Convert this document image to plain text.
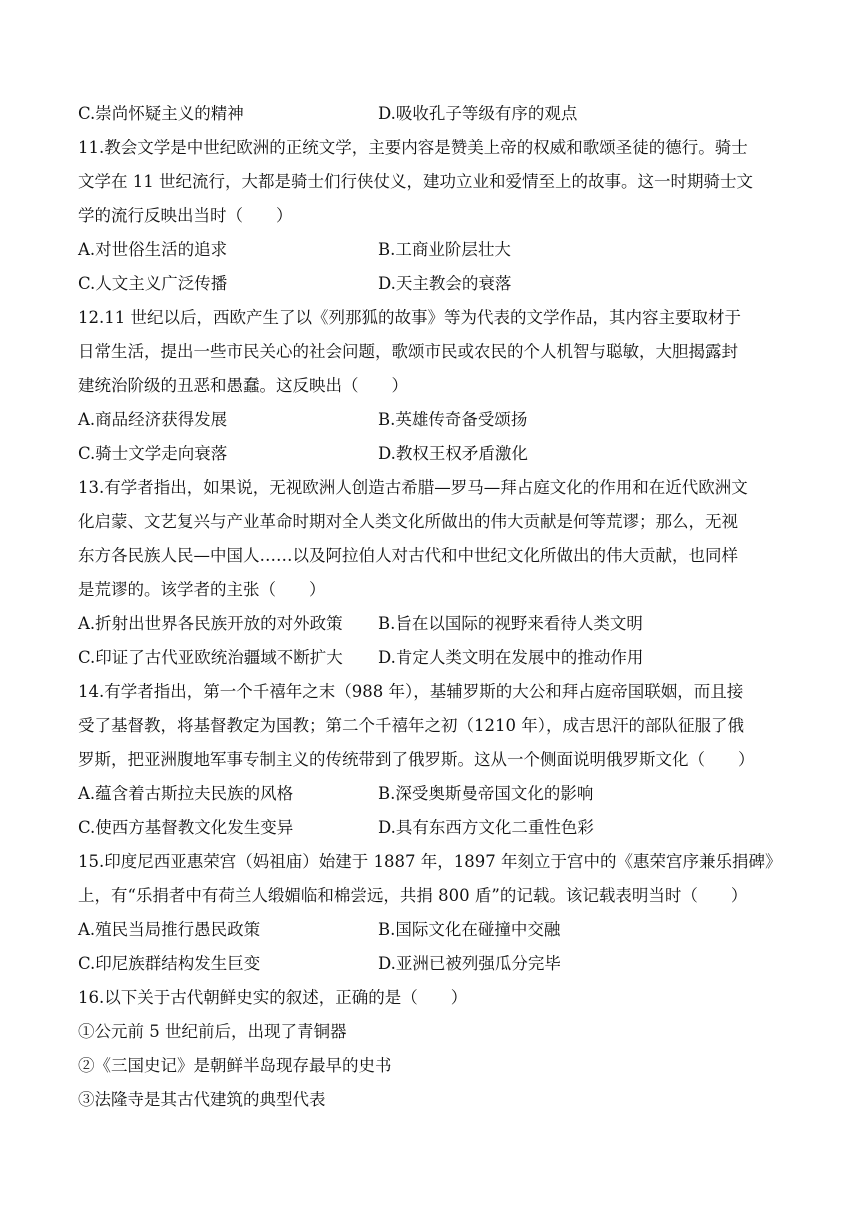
C.崇尚怀疑主义的精神	D.吸收孔子等级有序的观点
11.教会文学是中世纪欧洲的正统文学，主要内容是赞美上帝的权威和歌颂圣徒的德行。骑士
文学在 11 世纪流行，大都是骑士们行侠仗义，建功立业和爱情至上的故事。这一时期骑士文
学的流行反映出当时（　　）
A.对世俗生活的追求	B.工商业阶层壮大
C.人文主义广泛传播	D.天主教会的衰落
12.11 世纪以后，西欧产生了以《列那狐的故事》等为代表的文学作品，其内容主要取材于
日常生活，提出一些市民关心的社会问题，歌颂市民或农民的个人机智与聪敏，大胆揭露封
建统治阶级的丑恶和愚蠢。这反映出（　　）
A.商品经济获得发展	B.英雄传奇备受颂扬
C.骑士文学走向衰落	D.教权王权矛盾激化
13.有学者指出，如果说，无视欧洲人创造古希腊—罗马—拜占庭文化的作用和在近代欧洲文
化启蒙、文艺复兴与产业革命时期对全人类文化所做出的伟大贡献是何等荒谬；那么，无视
东方各民族人民—中国人……以及阿拉伯人对古代和中世纪文化所做出的伟大贡献，也同样
是荒谬的。该学者的主张（　　）
A.折射出世界各民族开放的对外政策	B.旨在以国际的视野来看待人类文明
C.印证了古代亚欧统治疆域不断扩大	D.肯定人类文明在发展中的推动作用
14.有学者指出，第一个千禧年之末（988 年），基辅罗斯的大公和拜占庭帝国联姻，而且接
受了基督教，将基督教定为国教；第二个千禧年之初（1210 年），成吉思汗的部队征服了俄
罗斯，把亚洲腹地军事专制主义的传统带到了俄罗斯。这从一个侧面说明俄罗斯文化（　　）
A.蕴含着古斯拉夫民族的风格	B.深受奥斯曼帝国文化的影响
C.使西方基督教文化发生变异	D.具有东西方文化二重性色彩
15.印度尼西亚惠荣宫（妈祖庙）始建于 1887 年，1897 年刻立于宫中的《惠荣宫序兼乐捐碑》
上，有“乐捐者中有荷兰人缎媚临和棉尝远，共捐 800 盾”的记载。该记载表明当时（　　）
A.殖民当局推行愚民政策	B.国际文化在碰撞中交融
C.印尼族群结构发生巨变	D.亚洲已被列强瓜分完毕
16.以下关于古代朝鲜史实的叙述，正确的是（　　）
①公元前 5 世纪前后，出现了青铜器
②《三国史记》是朝鲜半岛现存最早的史书
③法隆寺是其古代建筑的典型代表
